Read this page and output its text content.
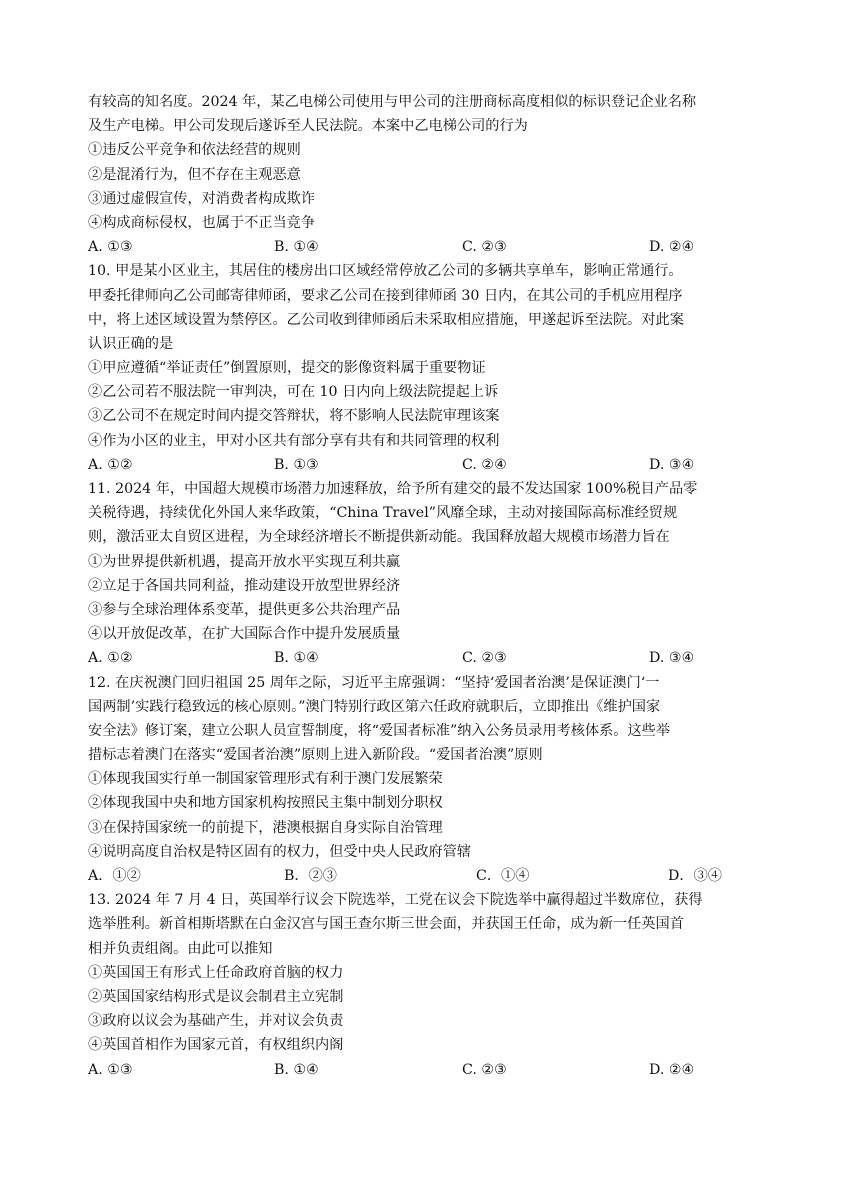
有较高的知名度。2024 年，某乙电梯公司使用与甲公司的注册商标高度相似的标识登记企业名称
及生产电梯。甲公司发现后遂诉至人民法院。本案中乙电梯公司的行为
①违反公平竞争和依法经营的规则
②是混淆行为，但不存在主观恶意
③通过虚假宣传，对消费者构成欺诈
④构成商标侵权，也属于不正当竞争
A. ①③	B. ①④	C. ②③	D. ②④
10. 甲是某小区业主，其居住的楼房出口区域经常停放乙公司的多辆共享单车，影响正常通行。
甲委托律师向乙公司邮寄律师函，要求乙公司在接到律师函 30 日内，在其公司的手机应用程序
中，将上述区域设置为禁停区。乙公司收到律师函后未采取相应措施，甲遂起诉至法院。对此案
认识正确的是
①甲应遵循“举证责任”倒置原则，提交的影像资料属于重要物证
②乙公司若不服法院一审判决，可在 10 日内向上级法院提起上诉
③乙公司不在规定时间内提交答辩状，将不影响人民法院审理该案
④作为小区的业主，甲对小区共有部分享有共有和共同管理的权利
A. ①②	B. ①③	C. ②④	D. ③④
11. 2024 年，中国超大规模市场潜力加速释放，给予所有建交的最不发达国家 100%税目产品零
关税待遇，持续优化外国人来华政策，“China Travel”风靡全球，主动对接国际高标准经贸规
则，激活亚太自贸区进程，为全球经济增长不断提供新动能。我国释放超大规模市场潜力旨在
①为世界提供新机遇，提高开放水平实现互利共赢
②立足于各国共同利益，推动建设开放型世界经济
③参与全球治理体系变革，提供更多公共治理产品
④以开放促改革，在扩大国际合作中提升发展质量
A. ①②	B. ①④	C. ②③	D. ③④
12. 在庆祝澳门回归祖国 25 周年之际，习近平主席强调：“坚持‘爱国者治澳’是保证澳门‘一
国两制’实践行稳致远的核心原则。”澳门特别行政区第六任政府就职后，立即推出《维护国家
安全法》修订案，建立公职人员宣誓制度，将“爱国者标准”纳入公务员录用考核体系。这些举
措标志着澳门在落实“爱国者治澳”原则上进入新阶段。“爱国者治澳”原则
①体现我国实行单一制国家管理形式有利于澳门发展繁荣
②体现我国中央和地方国家机构按照民主集中制划分职权
③在保持国家统一的前提下，港澳根据自身实际自治管理
④说明高度自治权是特区固有的权力，但受中央人民政府管辖
A．①②	B．②③	C．①④	D．③④
13. 2024 年 7 月 4 日，英国举行议会下院选举，工党在议会下院选举中赢得超过半数席位，获得
选举胜利。新首相斯塔默在白金汉宫与国王查尔斯三世会面，并获国王任命，成为新一任英国首
相并负责组阁。由此可以推知
①英国国王有形式上任命政府首脑的权力
②英国国家结构形式是议会制君主立宪制
③政府以议会为基础产生，并对议会负责
④英国首相作为国家元首，有权组织内阁
A. ①③	B. ①④	C. ②③	D. ②④
